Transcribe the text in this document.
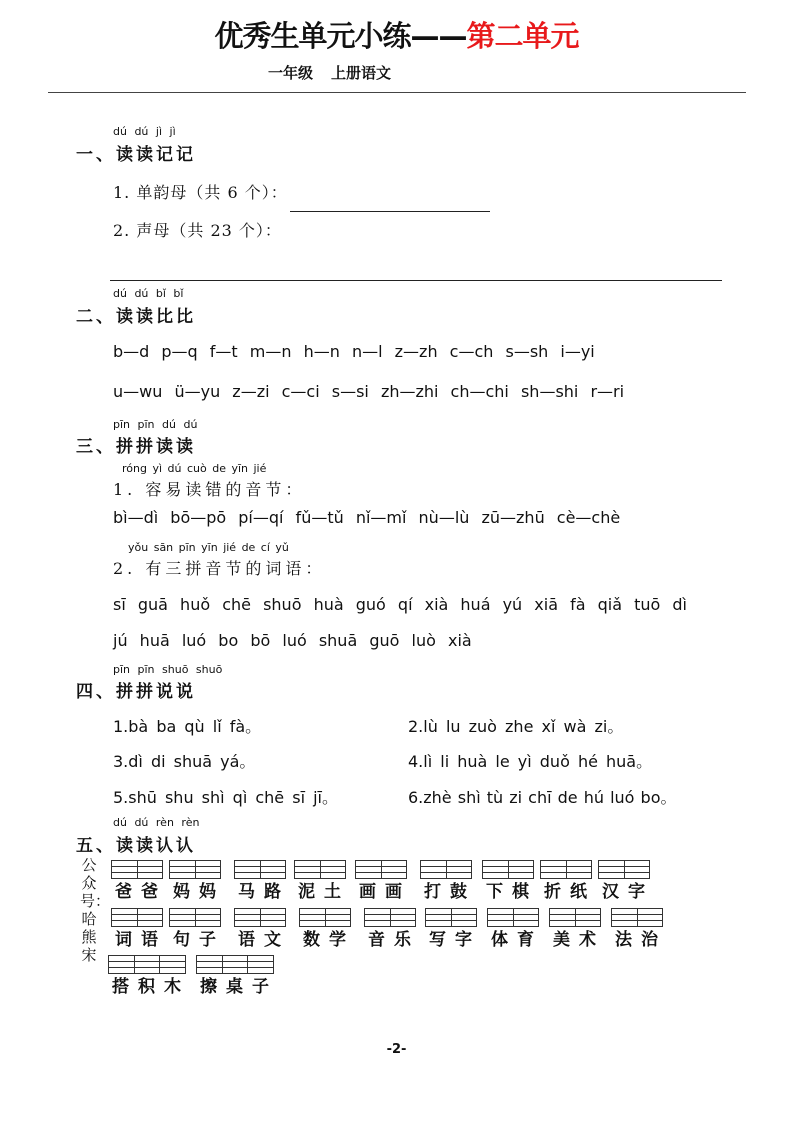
优秀生单元小练——第二单元
一年级 上册语文
dú dú jì jì
一、读读记记
1. 单韵母（共 6 个）：
2. 声母（共 23 个）：
dú dú bǐ bǐ
二、读读比比
b—d p—q f—t m—n h—n n—l z—zh c—ch s—sh i—yi
u—wu ü—yu z—zi c—ci s—si zh—zhi ch—chi sh—shi r—ri
pīn pīn dú dú
三、拼拼读读
róng yì dú cuò de yīn jié
1. 容易读错的音节：
bì—dì bō—pō pí—qí fǔ—tǔ nǐ—mǐ nù—lù zū—zhū cè—chè
yǒu sān pīn yīn jié de cí yǔ
2. 有三拼音节的词语：
sī guā huǒ chē shuō huà guó qí xià huá yú xiā fà qiǎ tuō dì
jú huā luó bo bō luó shuā guō luò xià
pīn pīn shuō shuō
四、拼拼说说
1.bà ba qù lǐ fà。	2.lù lu zuò zhe xǐ wà zi。
3.dì di shuā yá。	4.lì li huà le yì duǒ hé huā。
5.shū shu shì qì chē sī jī。	6.zhè shì tù zi chī de hú luó bo。
dú dú rèn rèn
五、读读认认
公众号：哈熊宋
爸爸 妈妈 马路 泥土 画画 打鼓 下棋 折纸 汉字
词语 句子 语文 数学 音乐 写字 体育 美术 法治
搭积木 擦桌子
-2-
